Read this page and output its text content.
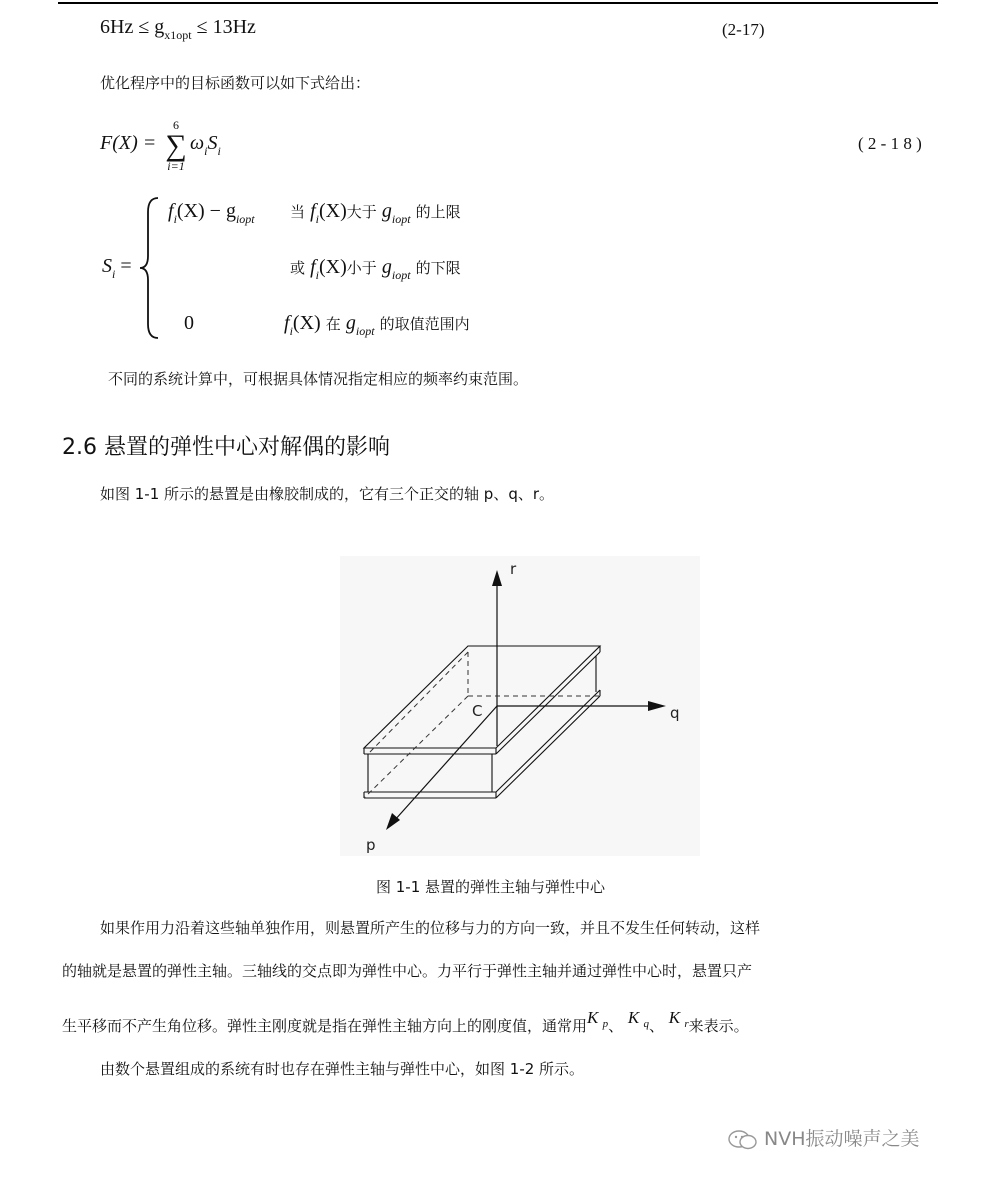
$6Hz \le g_{x1opt} \le 13Hz$	(2-17)
优化程序中的目标函数可以如下式给出：
F(X) =
6
∑
i=1
$\omega_iS_i$	( 2 - 1 8 )
$S_i$ =
$f_i(X) - g_{iopt}$ 当 $f_i(X)$大于 $g_{iopt}$ 的上限
或 $f_i(X)$小于 $g_{iopt}$ 的下限
0	$f_i(X)$ 在 $g_{iopt}$ 的取值范围内
不同的系统计算中，可根据具体情况指定相应的频率约束范围。
2.6 悬置的弹性中心对解偶的影响
如图 1-1 所示的悬置是由橡胶制成的，它有三个正交的轴 p、q、r。
r
q
p
C
图 1-1 悬置的弹性主轴与弹性中心
如果作用力沿着这些轴单独作用，则悬置所产生的位移与力的方向一致，并且不发生任何转动，这样
的轴就是悬置的弹性主轴。三轴线的交点即为弹性中心。力平行于弹性主轴并通过弹性中心时，悬置只产
生平移而不产生角位移。弹性主刚度就是指在弹性主轴方向上的刚度值，通常用K $_p$、 K $_q$、 K $_r$来表示。
由数个悬置组成的系统有时也存在弹性主轴与弹性中心，如图 1-2 所示。
NVH振动噪声之美
